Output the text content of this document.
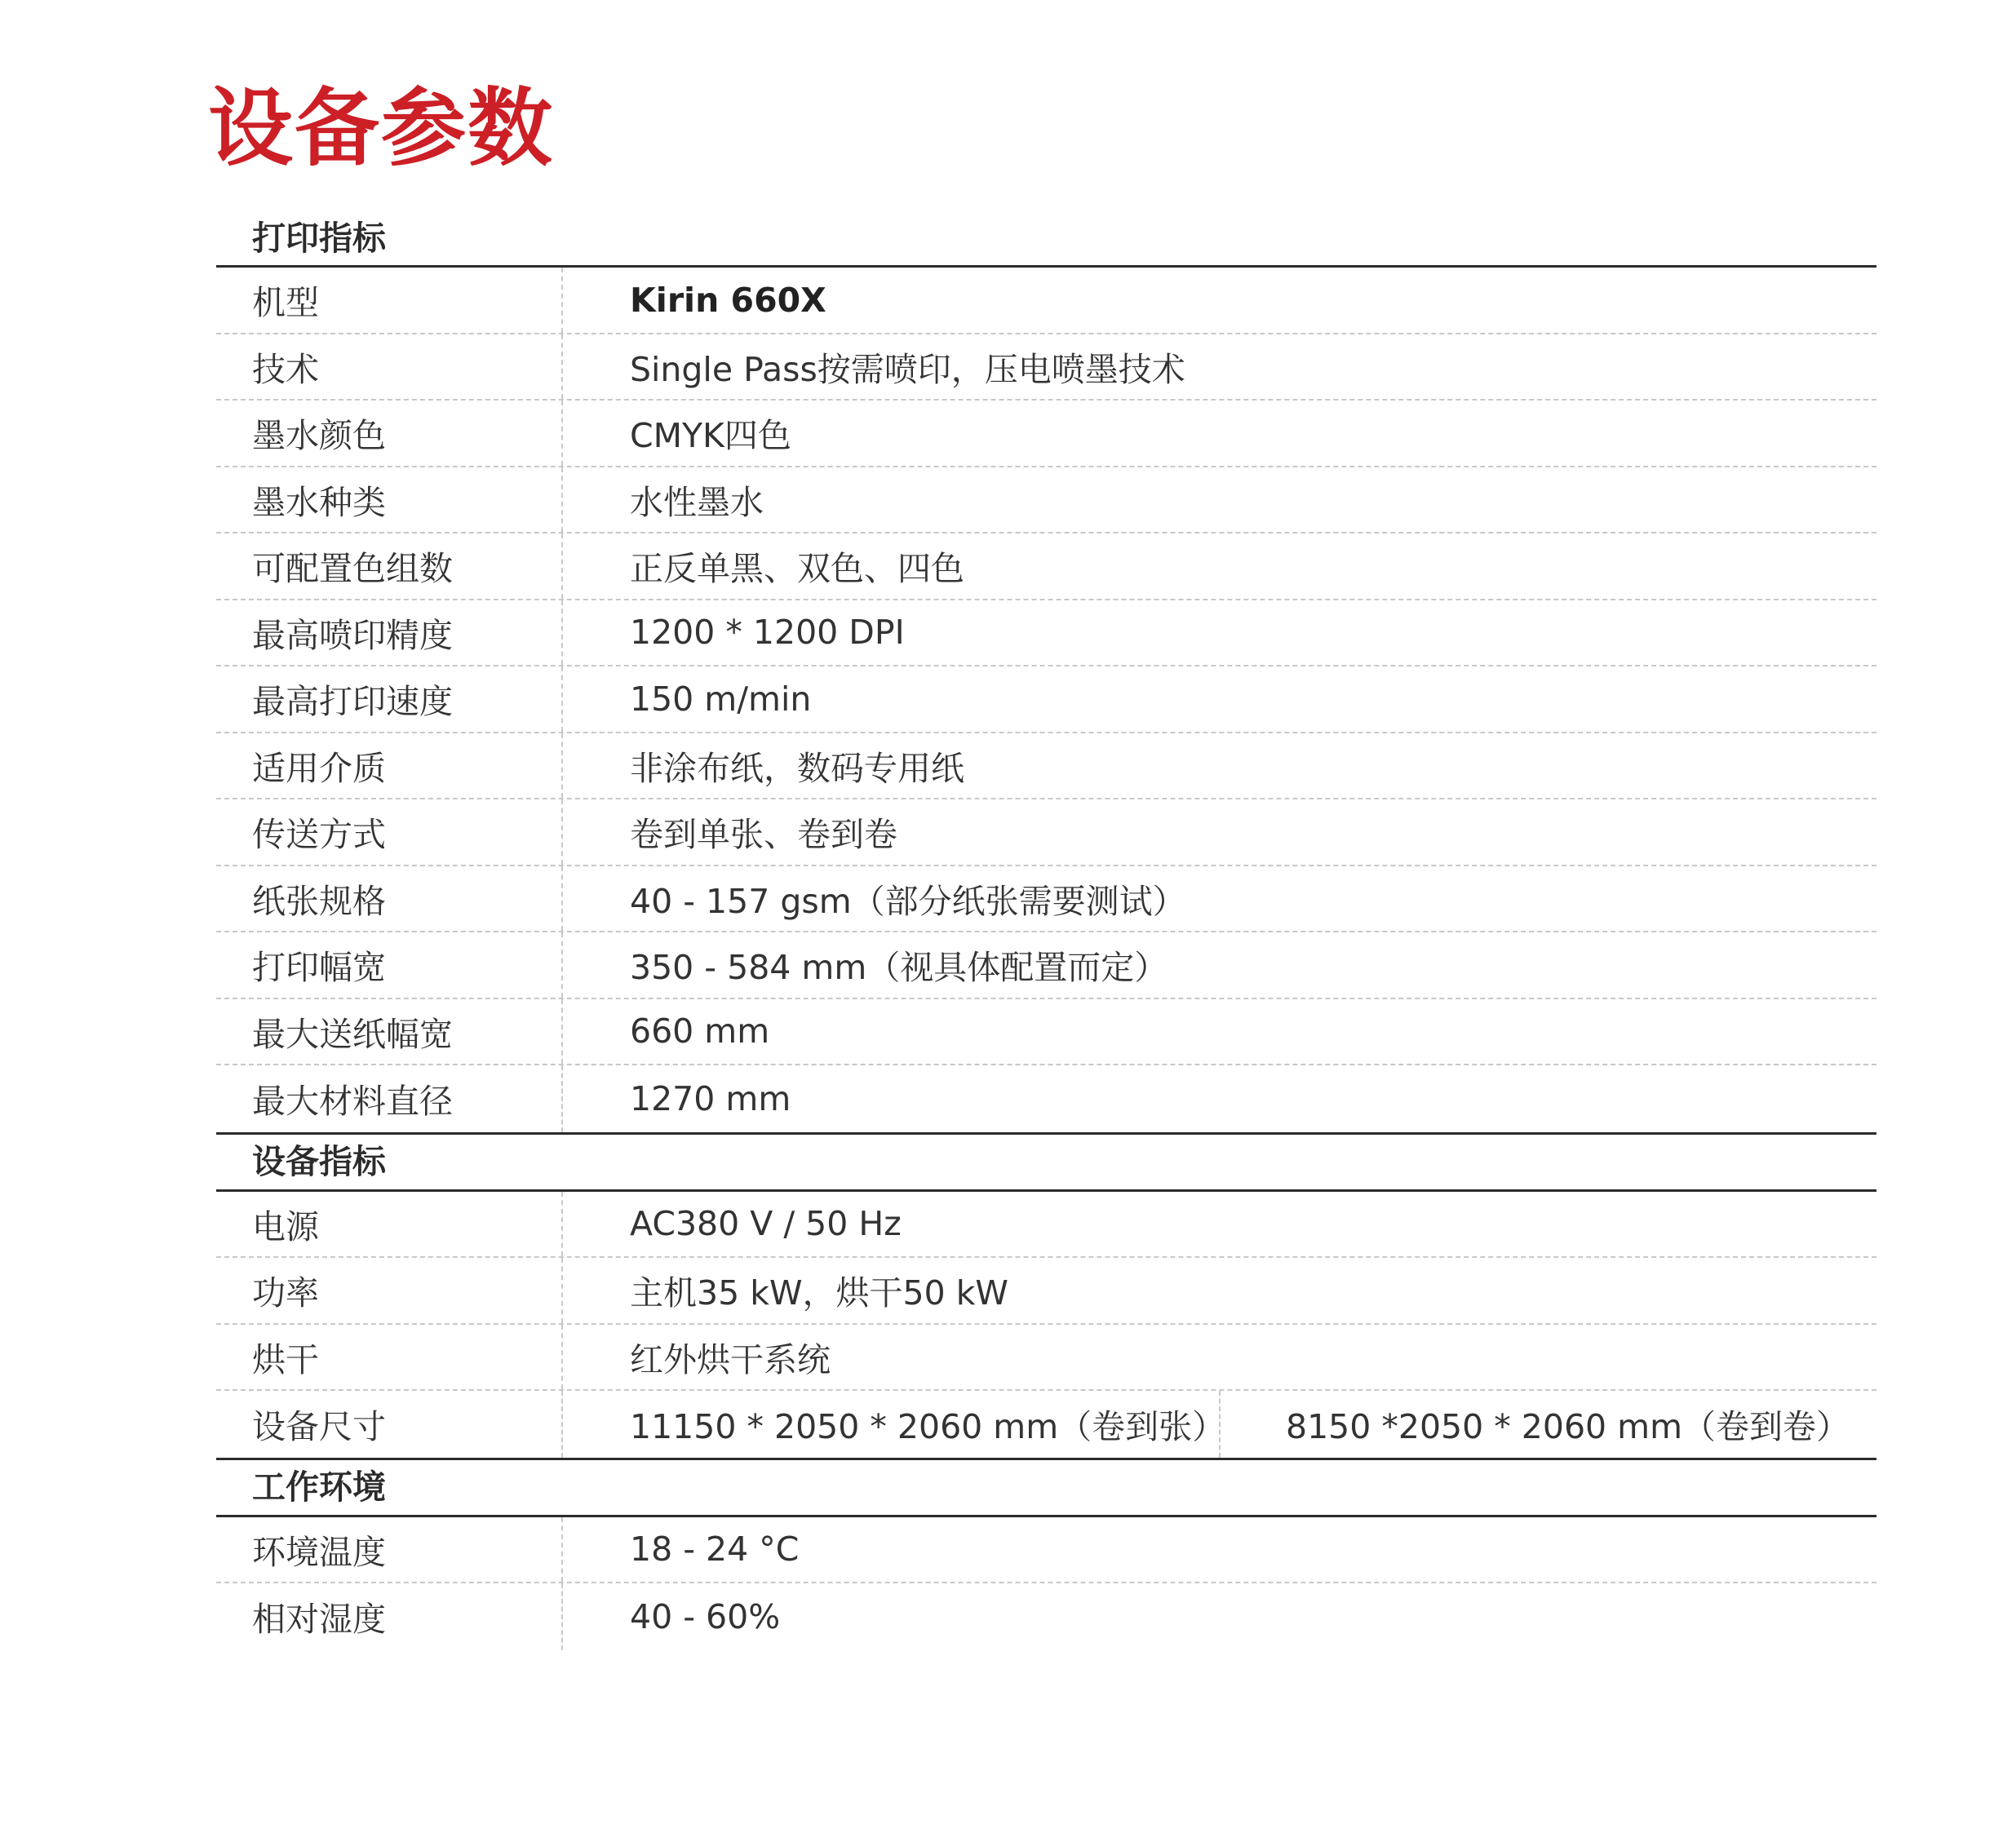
设备参数
打印指标
机型	Kirin 660X
技术	Single Pass按需喷印，压电喷墨技术
墨水颜色	CMYK四色
墨水种类	水性墨水
可配置色组数	正反单黑、双色、四色
最高喷印精度	1200 * 1200 DPI
最高打印速度	150 m/min
适用介质	非涂布纸，数码专用纸
传送方式	卷到单张、卷到卷
纸张规格	40 - 157 gsm（部分纸张需要测试）
打印幅宽	350 - 584 mm（视具体配置而定）
最大送纸幅宽	660 mm
最大材料直径	1270 mm
设备指标
电源	AC380 V / 50 Hz
功率	主机35 kW，烘干50 kW
烘干	红外烘干系统
设备尺寸	11150 * 2050 * 2060 mm（卷到张）	8150 *2050 * 2060 mm（卷到卷）
工作环境
环境温度	18 - 24 °C
相对湿度	40 - 60%
